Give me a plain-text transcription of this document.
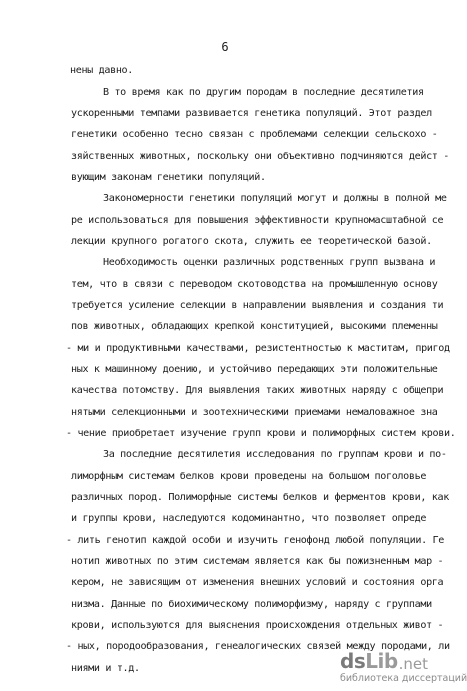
6
нены давно.
В то время как по другим породам в последние десятилетия
ускоренными темпами развивается генетика популяций. Этот раздел
генетики особенно тесно связан с проблемами селекции сельскохо -
зяйственных животных, поскольку они объективно подчиняются дейст -
вующим законам генетики популяций.
Закономерности генетики популяций могут и должны в полной ме
ре использоваться для повышения эффективности крупномасштабной се
лекции крупного рогатого скота, служить ее теоретической базой.
Необходимость оценки различных родственных групп вызвана и
тем, что в связи с переводом скотоводства на промышленную основу
требуется усиление селекции в направлении выявления и создания ти
пов животных, обладающих крепкой конституцией, высокими племенны
- ми и продуктивными качествами, резистентностью к маститам, пригод
ных к машинному доению, и устойчиво передающих эти положительные
качества потомству. Для выявления таких животных наряду с общепри
нятыми селекционными и зоотехническими приемами немаловажное зна
- чение приобретает изучение групп крови и полиморфных систем крови.
За последние десятилетия исследования по группам крови и по-
лиморфным системам белков крови проведены на большом поголовье
различных пород. Полиморфные системы белков и ферментов крови, как
и группы крови, наследуются кодоминантно, что позволяет опреде
- лить генотип каждой особи и изучить генофонд любой популяции. Ге
нотип животных по этим системам является как бы пожизненным мар -
кером, не зависящим от изменения внешних условий и состояния орга
низма. Данные по биохимическому полиморфизму, наряду с группами
крови, используются для выяснения происхождения отдельных живот -
- ных, породообразования, генеалогических связей между породами, ли
ниями и т.д.	ds Lib .net
библиотека диссертаций
